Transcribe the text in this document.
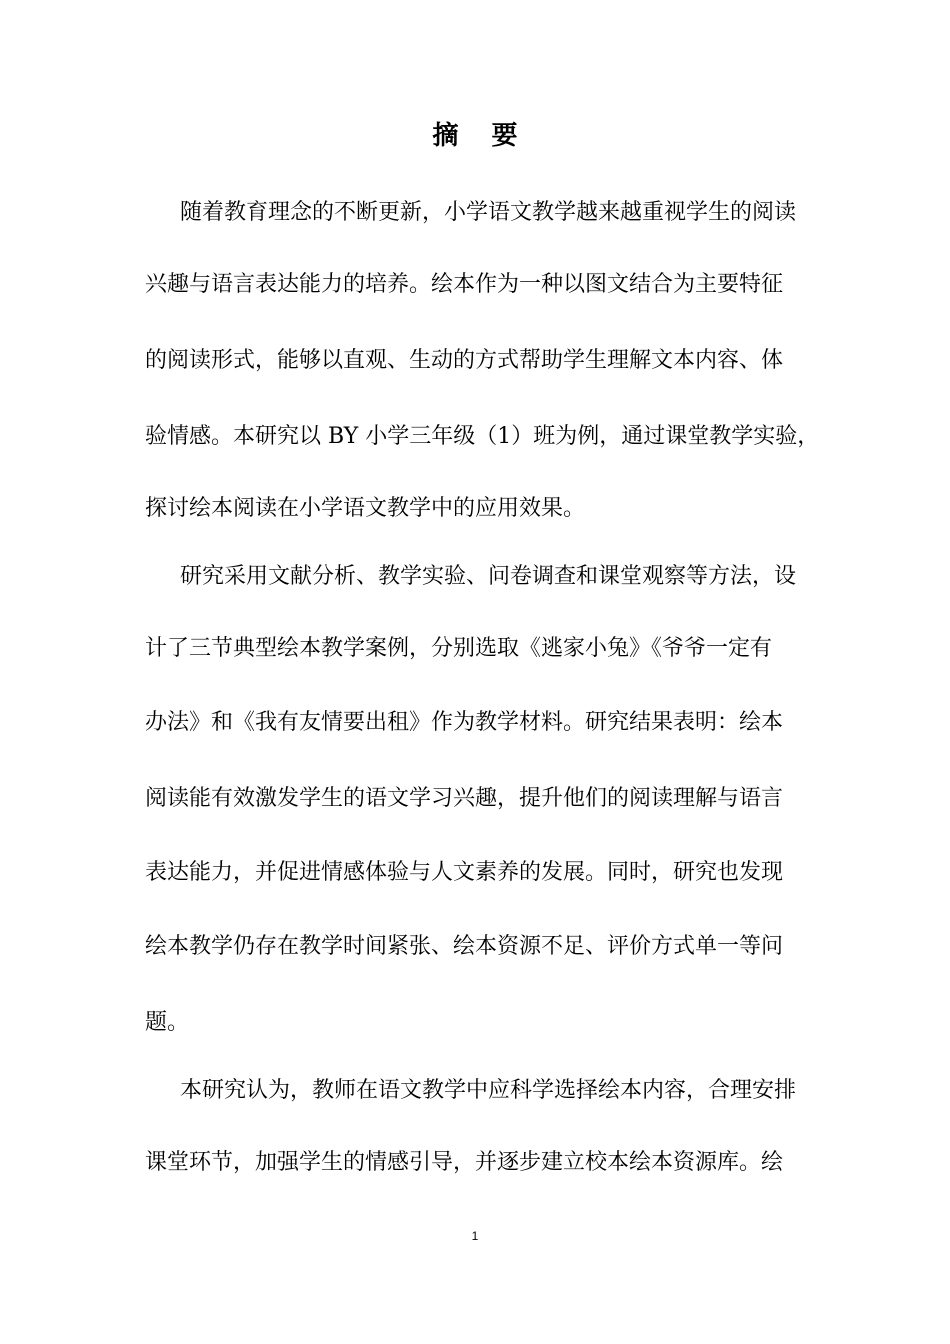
摘 要
随着教育理念的不断更新，小学语文教学越来越重视学生的阅读
兴趣与语言表达能力的培养。绘本作为一种以图文结合为主要特征
的阅读形式，能够以直观、生动的方式帮助学生理解文本内容、体
验情感。本研究以 BY 小学三年级（1）班为例，通过课堂教学实验，
探讨绘本阅读在小学语文教学中的应用效果。
研究采用文献分析、教学实验、问卷调查和课堂观察等方法，设
计了三节典型绘本教学案例，分别选取《逃家小兔》《爷爷一定有
办法》和《我有友情要出租》作为教学材料。研究结果表明：绘本
阅读能有效激发学生的语文学习兴趣，提升他们的阅读理解与语言
表达能力，并促进情感体验与人文素养的发展。同时，研究也发现
绘本教学仍存在教学时间紧张、绘本资源不足、评价方式单一等问
题。
本研究认为，教师在语文教学中应科学选择绘本内容，合理安排
课堂环节，加强学生的情感引导，并逐步建立校本绘本资源库。绘
1
